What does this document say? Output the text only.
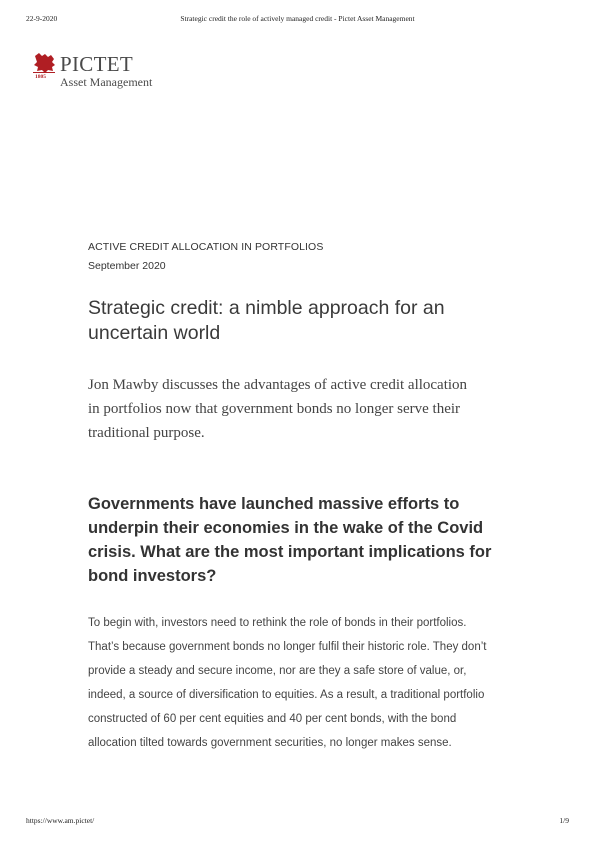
22-9-2020	Strategic credit the role of actively managed credit - Pictet Asset Management
1805
PICTET
Asset Management
ACTIVE CREDIT ALLOCATION IN PORTFOLIOS
September 2020
Strategic credit: a nimble approach for an uncertain world

Jon Mawby discusses the advantages of active credit allocation in portfolios now that government bonds no longer serve their traditional purpose.

Governments have launched massive efforts to underpin their economies in the wake of the Covid crisis. What are the most important implications for bond investors?

To begin with, investors need to rethink the role of bonds in their portfolios. That’s because government bonds no longer fulfil their historic role. They don’t provide a steady and secure income, nor are they a safe store of value, or, indeed, a source of diversification to equities. As a result, a traditional portfolio constructed of 60 per cent equities and 40 per cent bonds, with the bond allocation tilted towards government securities, no longer makes sense.

https://www.am.pictet/	1/9
